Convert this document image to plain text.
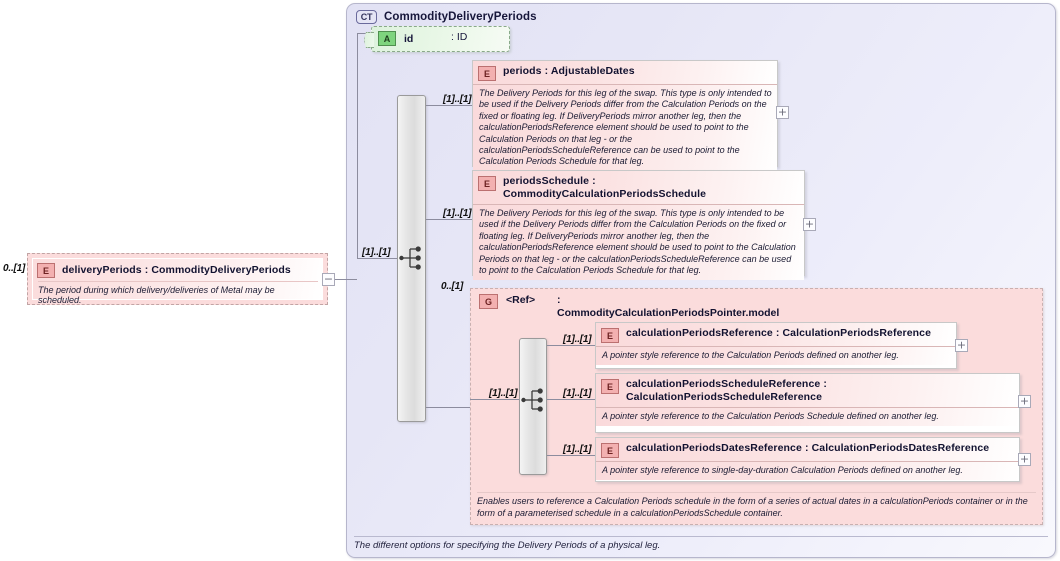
CT	CommodityDeliveryPeriods
The different options for specifying the Delivery Periods of a physical leg.
A	id	: ID
0..[1]	E	deliveryPeriods : CommodityDeliveryPeriods
The period during which delivery/deliveries of Metal may be scheduled.
−
[1]..[1]
[1]..[1]
E	periods : AdjustableDates
The Delivery Periods for this leg of the swap. This type is only intended to be used if the Delivery Periods differ from the Calculation Periods on the fixed or floating leg. If DeliveryPeriods mirror another leg, then the calculationPeriodsReference element should be used to point to the Calculation Periods on that leg - or the calculationPeriodsScheduleReference can be used to point to the Calculation Periods Schedule for that leg.
+
[1]..[1]
E	periodsSchedule : CommodityCalculationPeriodsSchedule
The Delivery Periods for this leg of the swap. This type is only intended to be used if the Delivery Periods differ from the Calculation Periods on the fixed or floating leg. If DeliveryPeriods mirror another leg, then the calculationPeriodsReference element should be used to point to the Calculation Periods on that leg - or the calculationPeriodsScheduleReference can be used to point to the Calculation Periods Schedule for that leg.
+
0..[1]
G	<Ref> : CommodityCalculationPeriodsPointer.model
Enables users to reference a Calculation Periods schedule in the form of a series of actual dates in a calculationPeriods container or in the form of a parameterised schedule in a calculationPeriodsSchedule container.
[1]..[1]
[1]..[1]	E	calculationPeriodsReference : CalculationPeriodsReference
A pointer style reference to the Calculation Periods defined on another leg.
+
[1]..[1]
E	calculationPeriodsScheduleReference : CalculationPeriodsScheduleReference
A pointer style reference to the Calculation Periods Schedule defined on another leg.
+
[1]..[1]	E	calculationPeriodsDatesReference : CalculationPeriodsDatesReference
A pointer style reference to single-day-duration Calculation Periods defined on another leg.
+
